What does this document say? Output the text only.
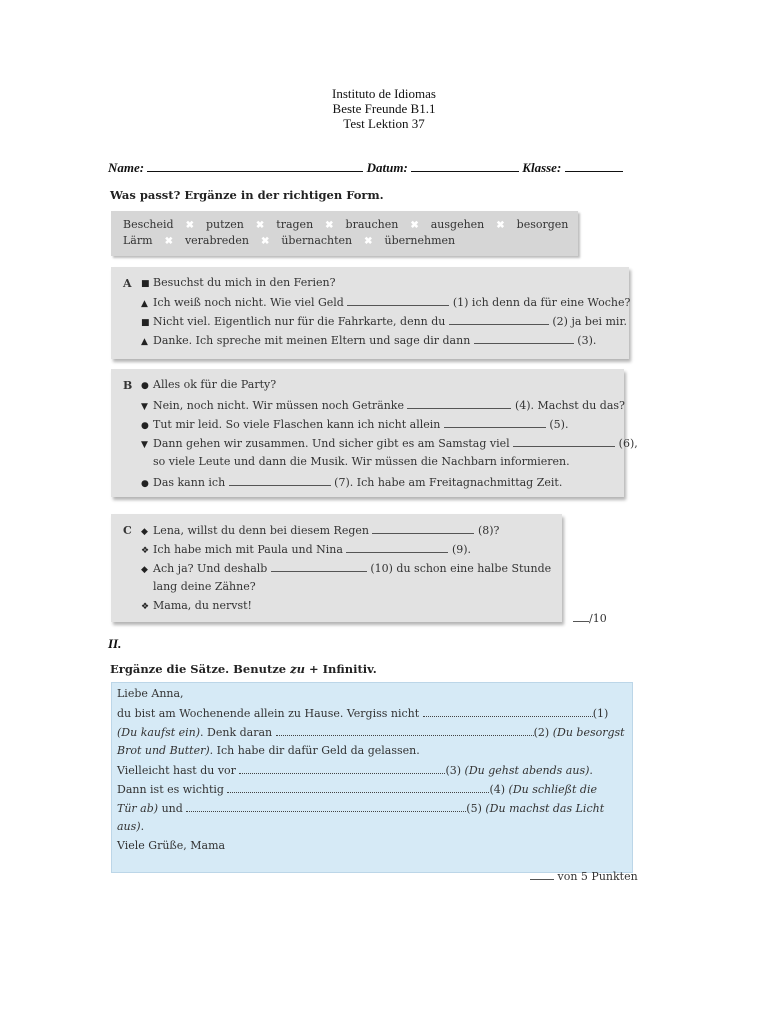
Instituto de Idiomas
Beste Freunde B1.1
Test Lektion 37
Name:	Datum:	Klasse:
Was passt? Ergänze in der richtigen Form.
Bescheid ✖ putzen ✖ tragen ✖ brauchen ✖ ausgehen ✖ besorgen
Lärm ✖ verabreden ✖ übernachten ✖ übernehmen
A ■ Besuchst du mich in den Ferien?
▲ Ich weiß noch nicht. Wie viel Geld	(1) ich denn da für eine Woche?
■ Nicht viel. Eigentlich nur für die Fahrkarte, denn du	(2) ja bei mir.
▲ Danke. Ich spreche mit meinen Eltern und sage dir dann	(3).
B ● Alles ok für die Party?
▼ Nein, noch nicht. Wir müssen noch Getränke	(4). Machst du das?
● Tut mir leid. So viele Flaschen kann ich nicht allein	(5).
▼ Dann gehen wir zusammen. Und sicher gibt es am Samstag viel	(6),
so viele Leute und dann die Musik. Wir müssen die Nachbarn informieren.
● Das kann ich	(7). Ich habe am Freitagnachmittag Zeit.
C ◆ Lena, willst du denn bei diesem Regen	(8)?
❖ Ich habe mich mit Paula und Nina	(9).
◆ Ach ja? Und deshalb	(10) du schon eine halbe Stunde
lang deine Zähne?
❖ Mama, du nervst!
/10
II.
Ergänze die Sätze. Benutze zu + Infinitiv.
Liebe Anna,
du bist am Wochenende allein zu Hause. Vergiss nicht	(1)
(Du kaufst ein). Denk daran	(2) (Du besorgst
Brot und Butter). Ich habe dir dafür Geld da gelassen.
Vielleicht hast du vor	(3) (Du gehst abends aus).
Dann ist es wichtig	(4) (Du schließt die
Tür ab) und	(5) (Du machst das Licht
aus).
Viele Grüße, Mama
von 5 Punkten
